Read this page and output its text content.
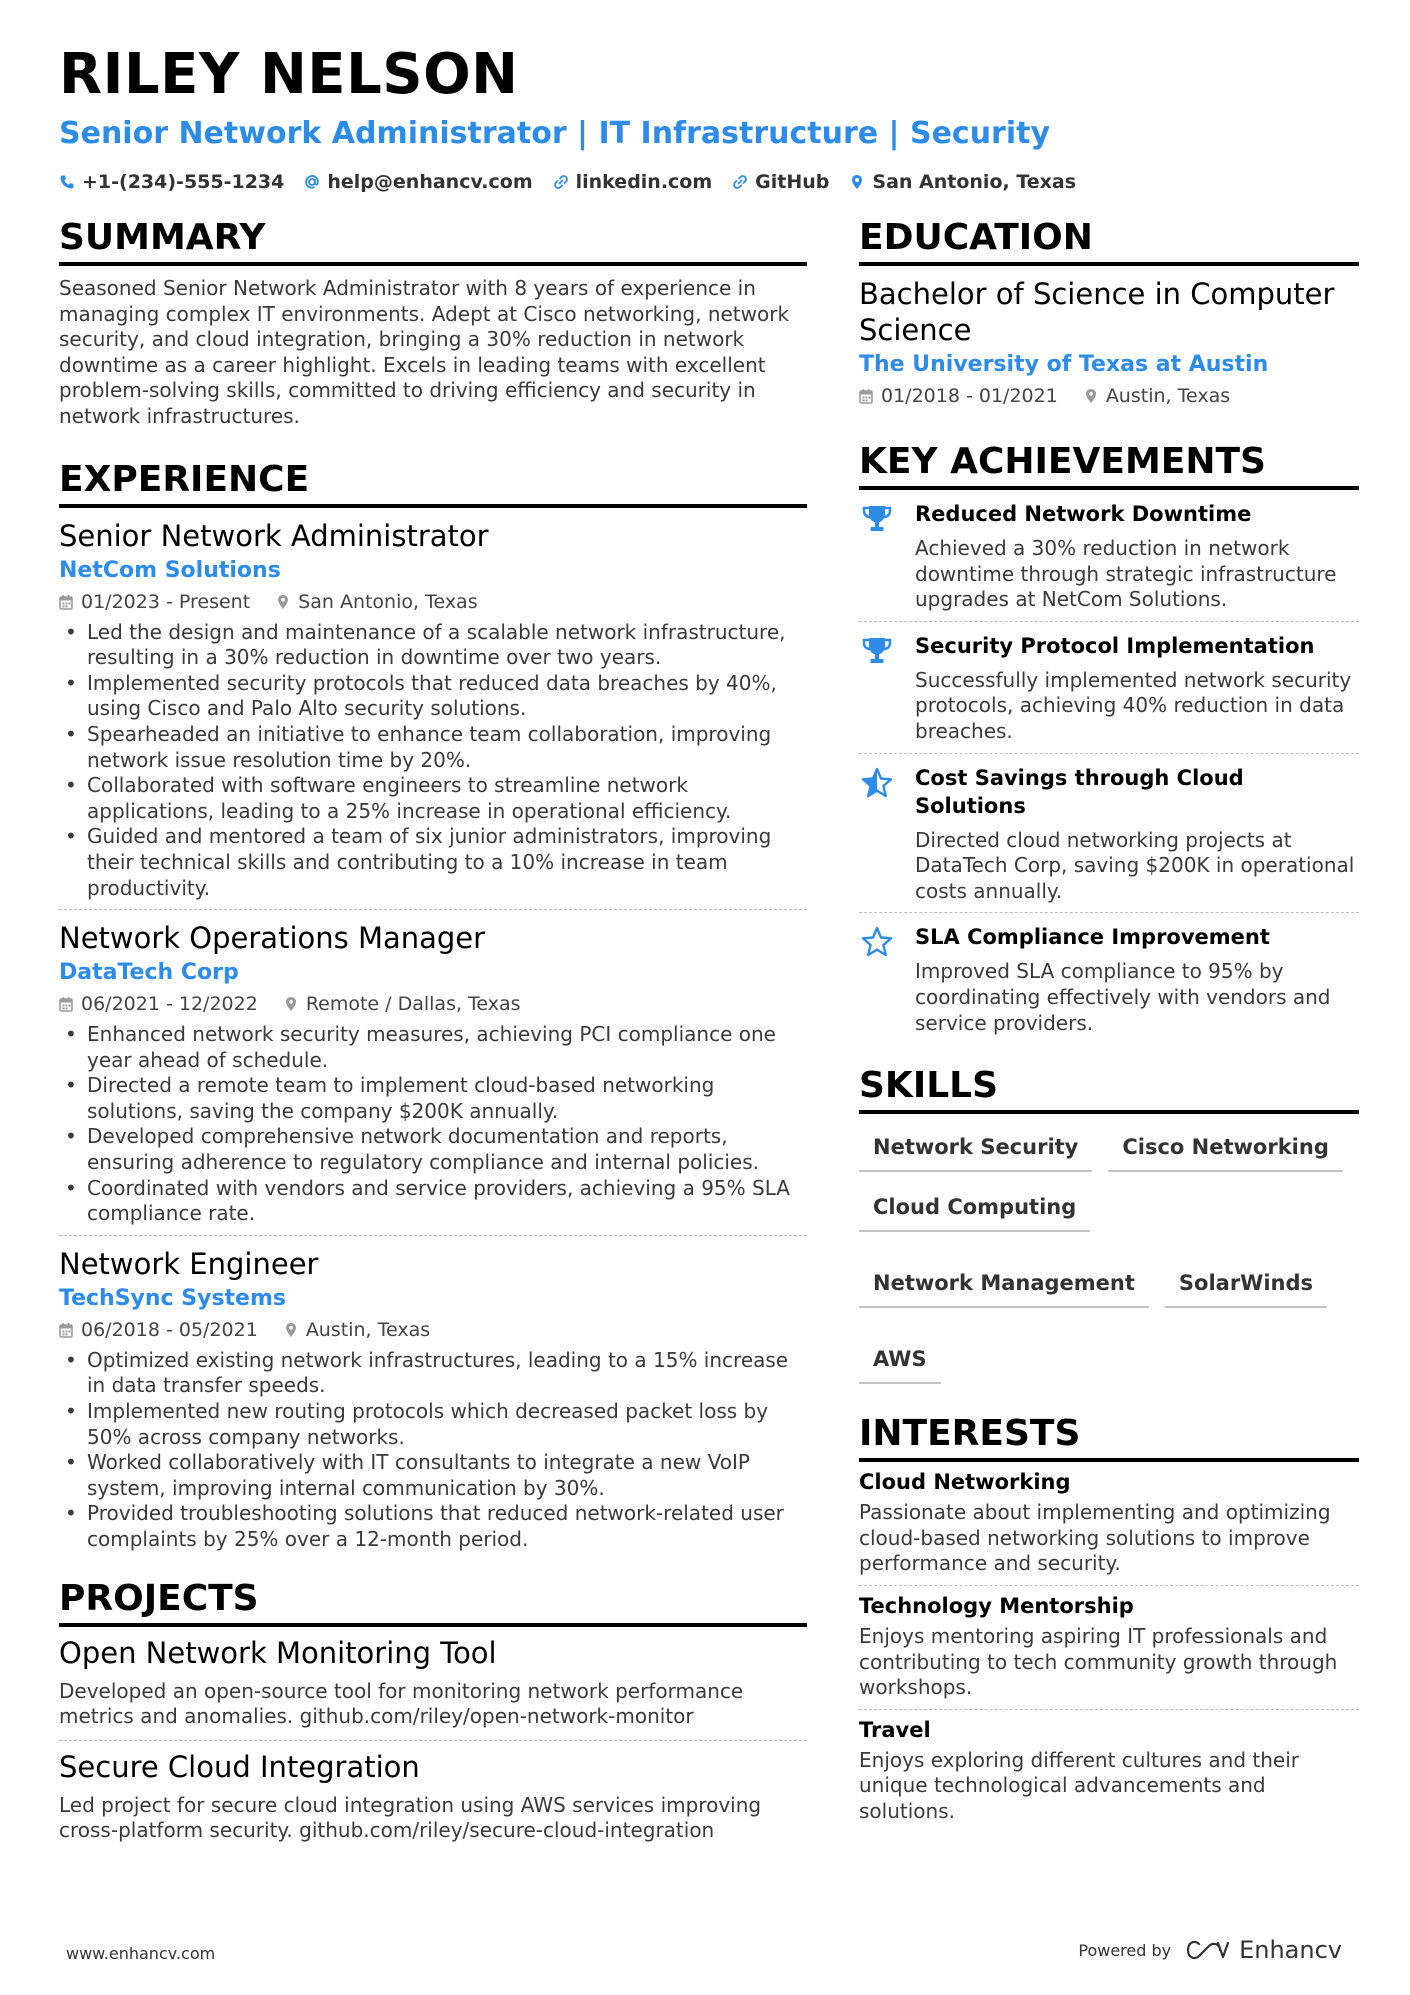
RILEY NELSON
Senior Network Administrator | IT Infrastructure | Security
+1-(234)-555-1234 help@enhancv.com linkedin.com GitHub San Antonio, Texas
SUMMARY

Seasoned Senior Network Administrator with 8 years of experience in managing complex IT environments. Adept at Cisco networking, network security, and cloud integration, bringing a 30% reduction in network downtime as a career highlight. Excels in leading teams with excellent problem-solving skills, committed to driving efficiency and security in network infrastructures.

EXPERIENCE
Senior Network Administrator
NetCom Solutions
01/2023 - Present	San Antonio, Texas
• Led the design and maintenance of a scalable network infrastructure, resulting in a 30% reduction in downtime over two years.
• Implemented security protocols that reduced data breaches by 40%, using Cisco and Palo Alto security solutions.
• Spearheaded an initiative to enhance team collaboration, improving network issue resolution time by 20%.
• Collaborated with software engineers to streamline network applications, leading to a 25% increase in operational efficiency.
• Guided and mentored a team of six junior administrators, improving their technical skills and contributing to a 10% increase in team productivity.
Network Operations Manager
DataTech Corp
06/2021 - 12/2022	Remote / Dallas, Texas
• Enhanced network security measures, achieving PCI compliance one year ahead of schedule.
• Directed a remote team to implement cloud-based networking solutions, saving the company $200K annually.
• Developed comprehensive network documentation and reports, ensuring adherence to regulatory compliance and internal policies.
• Coordinated with vendors and service providers, achieving a 95% SLA compliance rate.
Network Engineer
TechSync Systems
06/2018 - 05/2021	Austin, Texas
• Optimized existing network infrastructures, leading to a 15% increase in data transfer speeds.
• Implemented new routing protocols which decreased packet loss by 50% across company networks.
• Worked collaboratively with IT consultants to integrate a new VoIP system, improving internal communication by 30%.
• Provided troubleshooting solutions that reduced network-related user complaints by 25% over a 12-month period.
PROJECTS
Open Network Monitoring Tool

Developed an open-source tool for monitoring network performance metrics and anomalies. github.com/riley/open-network-monitor

Secure Cloud Integration

Led project for secure cloud integration using AWS services improving cross-platform security. github.com/riley/secure-cloud-integration

EDUCATION
Bachelor of Science in Computer Science
The University of Texas at Austin
01/2018 - 01/2021	Austin, Texas
KEY ACHIEVEMENTS
Reduced Network Downtime

Achieved a 30% reduction in network downtime through strategic infrastructure upgrades at NetCom Solutions.

Security Protocol Implementation

Successfully implemented network security protocols, achieving 40% reduction in data breaches.

Cost Savings through Cloud Solutions

Directed cloud networking projects at DataTech Corp, saving $200K in operational costs annually.

SLA Compliance Improvement

Improved SLA compliance to 95% by coordinating effectively with vendors and service providers.

SKILLS
Network Security	Cisco Networking
Cloud Computing
Network Management	SolarWinds
AWS
INTERESTS
Cloud Networking

Passionate about implementing and optimizing cloud-based networking solutions to improve performance and security.

Technology Mentorship

Enjoys mentoring aspiring IT professionals and contributing to tech community growth through workshops.

Travel

Enjoys exploring different cultures and their unique technological advancements and solutions.

www.enhancv.com	Powered by	Enhancv
